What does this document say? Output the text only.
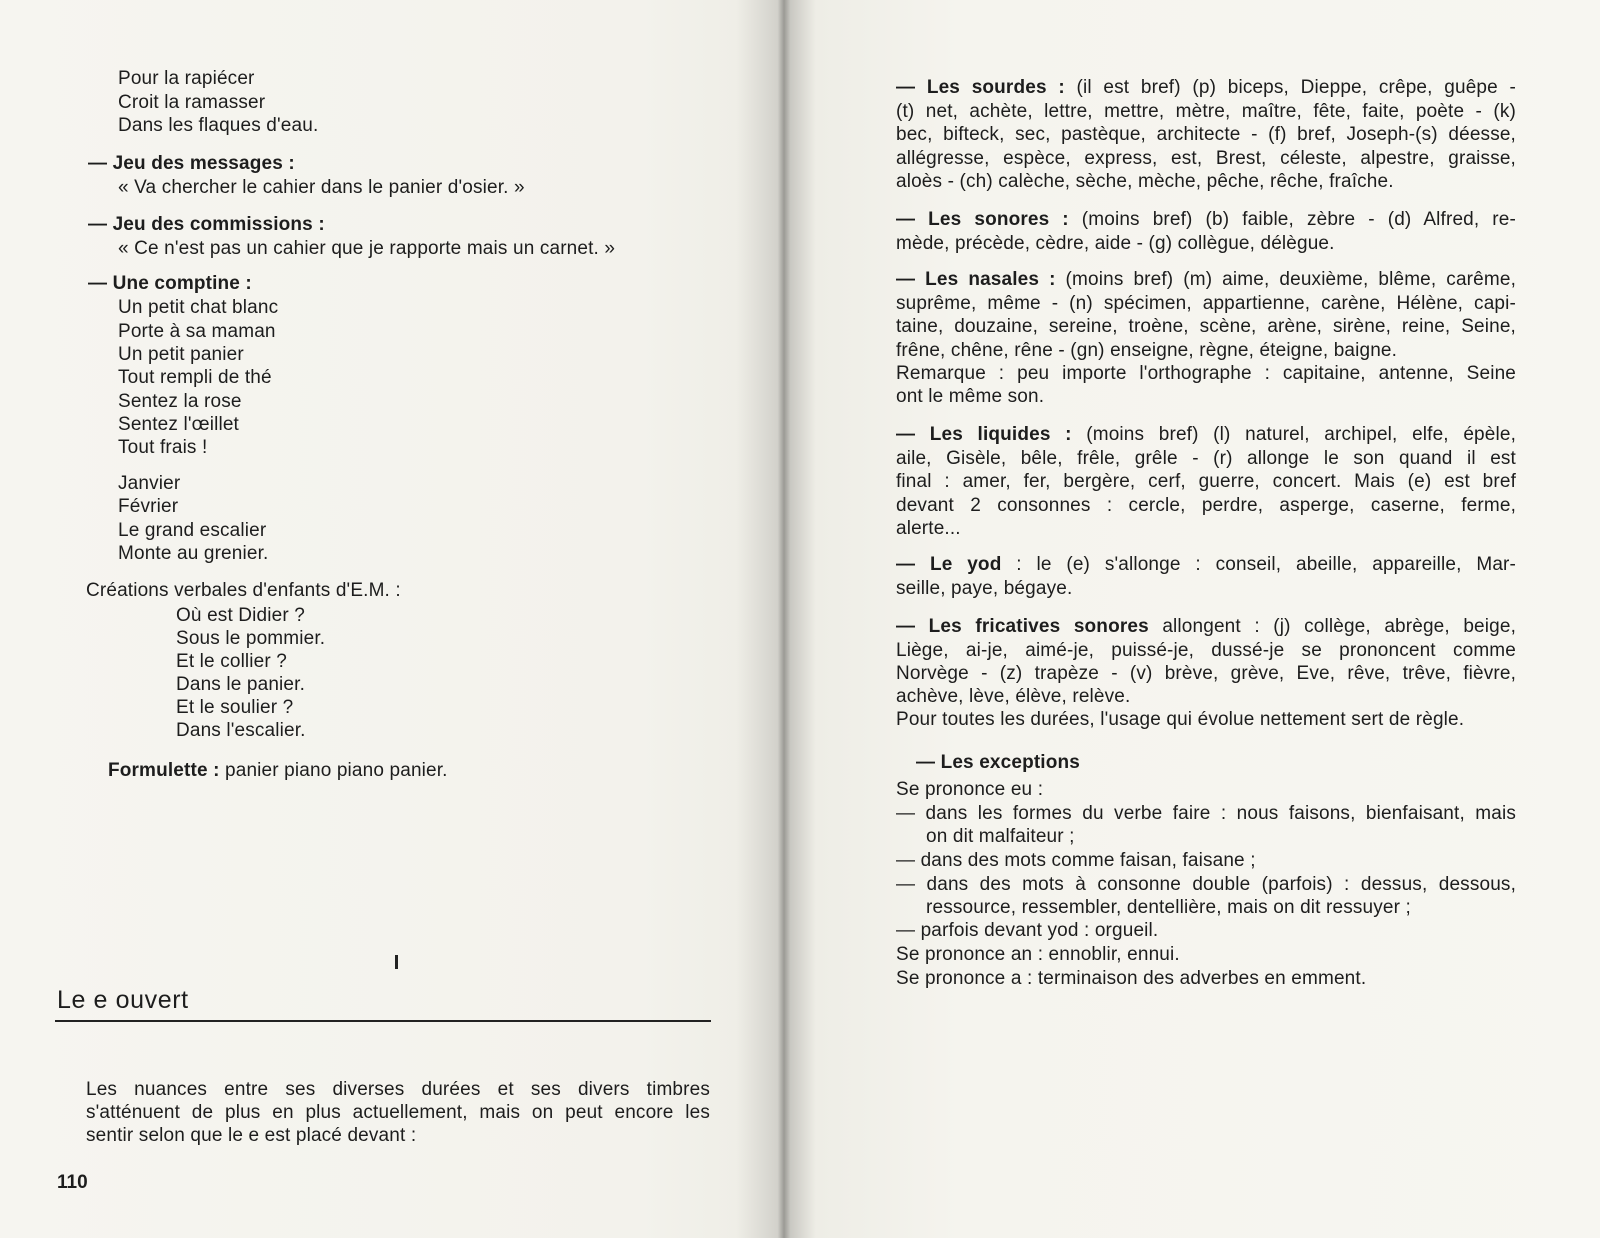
Pour la rapiécer
Croit la ramasser
Dans les flaques d'eau.
— Jeu des messages :
« Va chercher le cahier dans le panier d'osier. »
— Jeu des commissions :
« Ce n'est pas un cahier que je rapporte mais un carnet. »
— Une comptine :
Un petit chat blanc
Porte à sa maman
Un petit panier
Tout rempli de thé
Sentez la rose
Sentez l'œillet
Tout frais !
Janvier
Février
Le grand escalier
Monte au grenier.
Créations verbales d'enfants d'E.M. :
Où est Didier ?
Sous le pommier.
Et le collier ?
Dans le panier.
Et le soulier ?
Dans l'escalier.
Formulette : panier piano piano panier.
Le e ouvert
Les nuances entre ses diverses durées et ses divers timbres
s'atténuent de plus en plus actuellement, mais on peut encore les
sentir selon que le e est placé devant :
110
— Les sourdes : (il est bref) (p) biceps, Dieppe, crêpe, guêpe -
(t) net, achète, lettre, mettre, mètre, maître, fête, faite, poète - (k)
bec, bifteck, sec, pastèque, architecte - (f) bref, Joseph-(s) déesse,
allégresse, espèce, express, est, Brest, céleste, alpestre, graisse,
aloès - (ch) calèche, sèche, mèche, pêche, rêche, fraîche.
— Les sonores : (moins bref) (b) faible, zèbre - (d) Alfred, re-
mède, précède, cèdre, aide - (g) collègue, délègue.
— Les nasales : (moins bref) (m) aime, deuxième, blême, carême,
suprême, même - (n) spécimen, appartienne, carène, Hélène, capi-
taine, douzaine, sereine, troène, scène, arène, sirène, reine, Seine,
frêne, chêne, rêne - (gn) enseigne, règne, éteigne, baigne.
Remarque : peu importe l'orthographe : capitaine, antenne, Seine
ont le même son.
— Les liquides : (moins bref) (l) naturel, archipel, elfe, épèle,
aile, Gisèle, bêle, frêle, grêle - (r) allonge le son quand il est
final : amer, fer, bergère, cerf, guerre, concert. Mais (e) est bref
devant 2 consonnes : cercle, perdre, asperge, caserne, ferme,
alerte...
— Le yod : le (e) s'allonge : conseil, abeille, appareille, Mar-
seille, paye, bégaye.
— Les fricatives sonores allongent : (j) collège, abrège, beige,
Liège, ai-je, aimé-je, puissé-je, dussé-je se prononcent comme
Norvège - (z) trapèze - (v) brève, grève, Eve, rêve, trêve, fièvre,
achève, lève, élève, relève.
Pour toutes les durées, l'usage qui évolue nettement sert de règle.
— Les exceptions
Se prononce eu :
— dans les formes du verbe faire : nous faisons, bienfaisant, mais
on dit malfaiteur ;
— dans des mots comme faisan, faisane ;
— dans des mots à consonne double (parfois) : dessus, dessous,
ressource, ressembler, dentellière, mais on dit ressuyer ;
— parfois devant yod : orgueil.
Se prononce an : ennoblir, ennui.
Se prononce a : terminaison des adverbes en emment.
